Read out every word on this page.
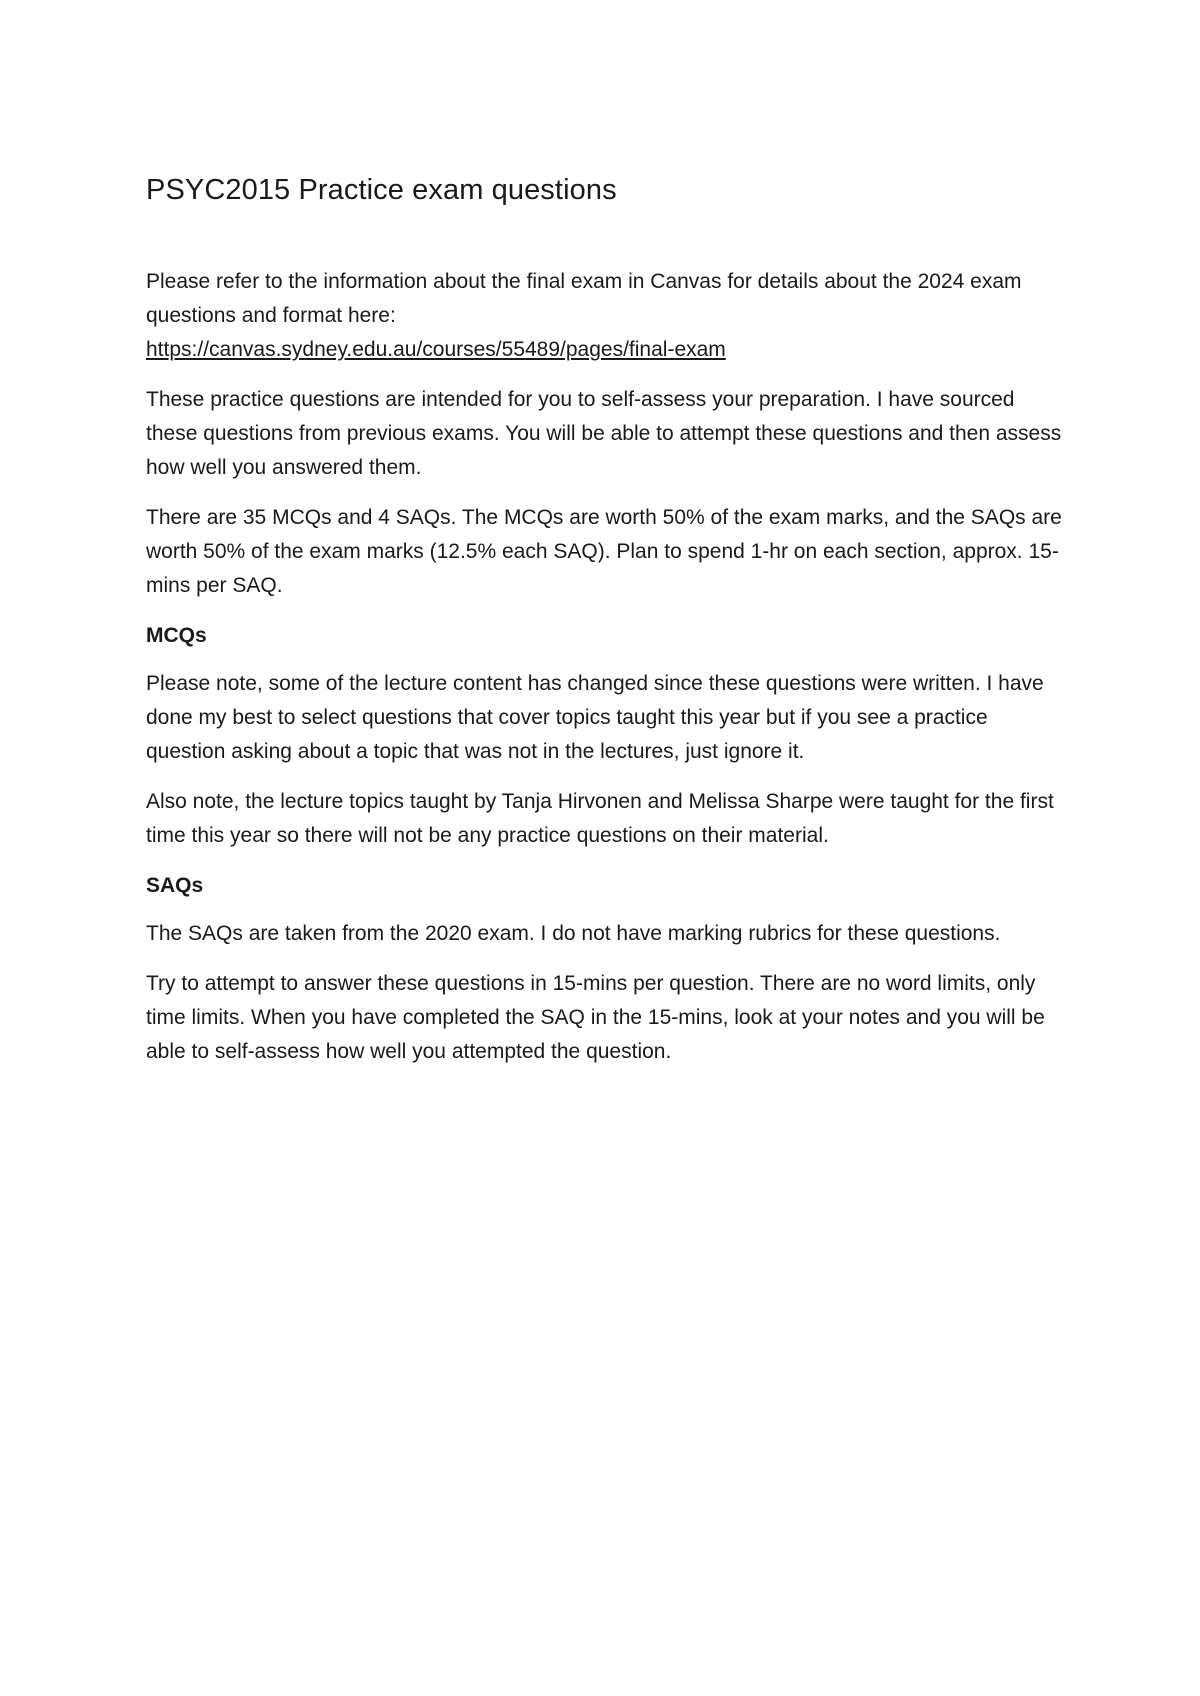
PSYC2015 Practice exam questions
Please refer to the information about the final exam in Canvas for details about the 2024 exam questions and format here:
https://canvas.sydney.edu.au/courses/55489/pages/final-exam

These practice questions are intended for you to self-assess your preparation. I have sourced these questions from previous exams. You will be able to attempt these questions and then assess how well you answered them.

There are 35 MCQs and 4 SAQs. The MCQs are worth 50% of the exam marks, and the SAQs are worth 50% of the exam marks (12.5% each SAQ). Plan to spend 1-hr on each section, approx. 15-mins per SAQ.

MCQs

Please note, some of the lecture content has changed since these questions were written. I have done my best to select questions that cover topics taught this year but if you see a practice question asking about a topic that was not in the lectures, just ignore it.

Also note, the lecture topics taught by Tanja Hirvonen and Melissa Sharpe were taught for the first time this year so there will not be any practice questions on their material.

SAQs

The SAQs are taken from the 2020 exam. I do not have marking rubrics for these questions.

Try to attempt to answer these questions in 15-mins per question. There are no word limits, only time limits. When you have completed the SAQ in the 15-mins, look at your notes and you will be able to self-assess how well you attempted the question.
